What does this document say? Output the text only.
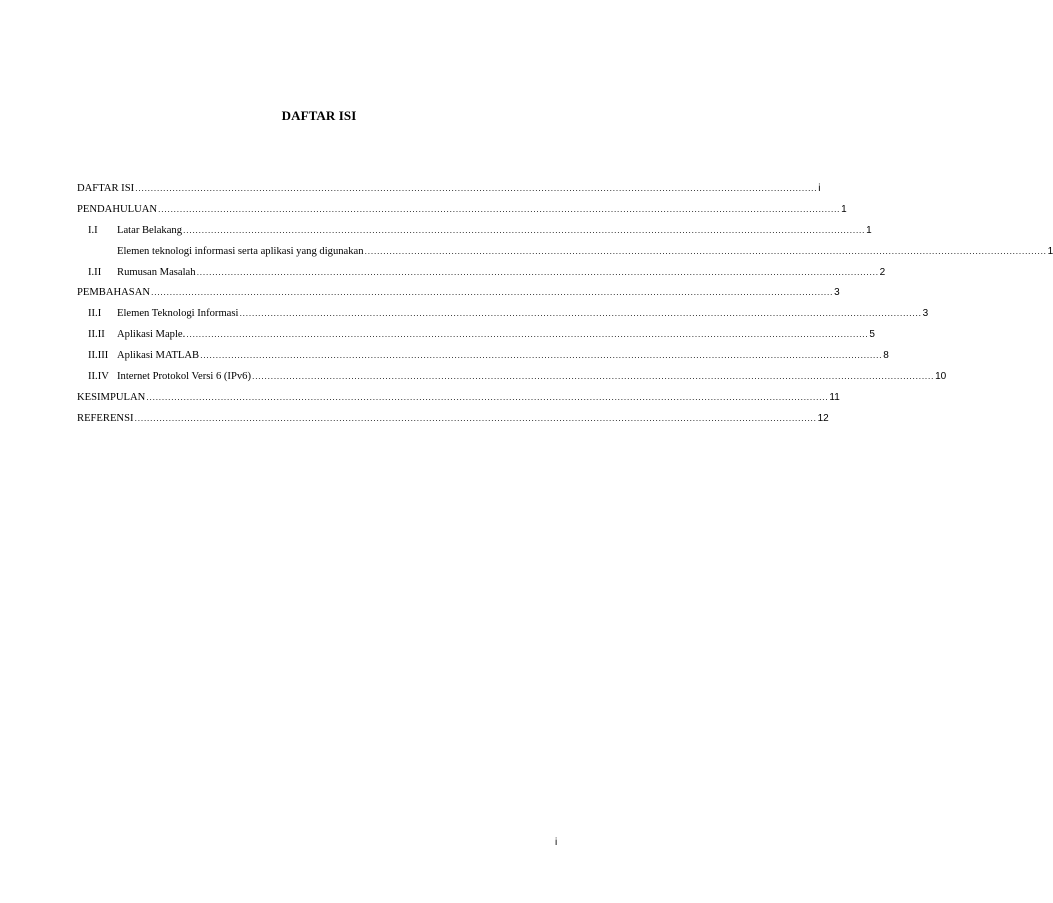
DAFTAR ISI
DAFTAR ISI ............................................................................................................................................................................................................................ i
PENDAHULUAN ............................................................................................................................................................................................................................ 1
I.I	Latar Belakang ............................................................................................................................................................................................................................ 1
Elemen teknologi informasi serta aplikasi yang digunakan ............................................................................................................................................................................................................................ 1
I.II	Rumusan Masalah ............................................................................................................................................................................................................................ 2
PEMBAHASAN ............................................................................................................................................................................................................................ 3
II.I	Elemen Teknologi Informasi ............................................................................................................................................................................................................................ 3
II.II	Aplikasi Maple. ............................................................................................................................................................................................................................ 5
II.III Aplikasi MATLAB ............................................................................................................................................................................................................................ 8
II.IV Internet Protokol Versi 6 (IPv6) ............................................................................................................................................................................................................................ 10
KESIMPULAN ............................................................................................................................................................................................................................ 11
REFERENSI ............................................................................................................................................................................................................................ 12
i
